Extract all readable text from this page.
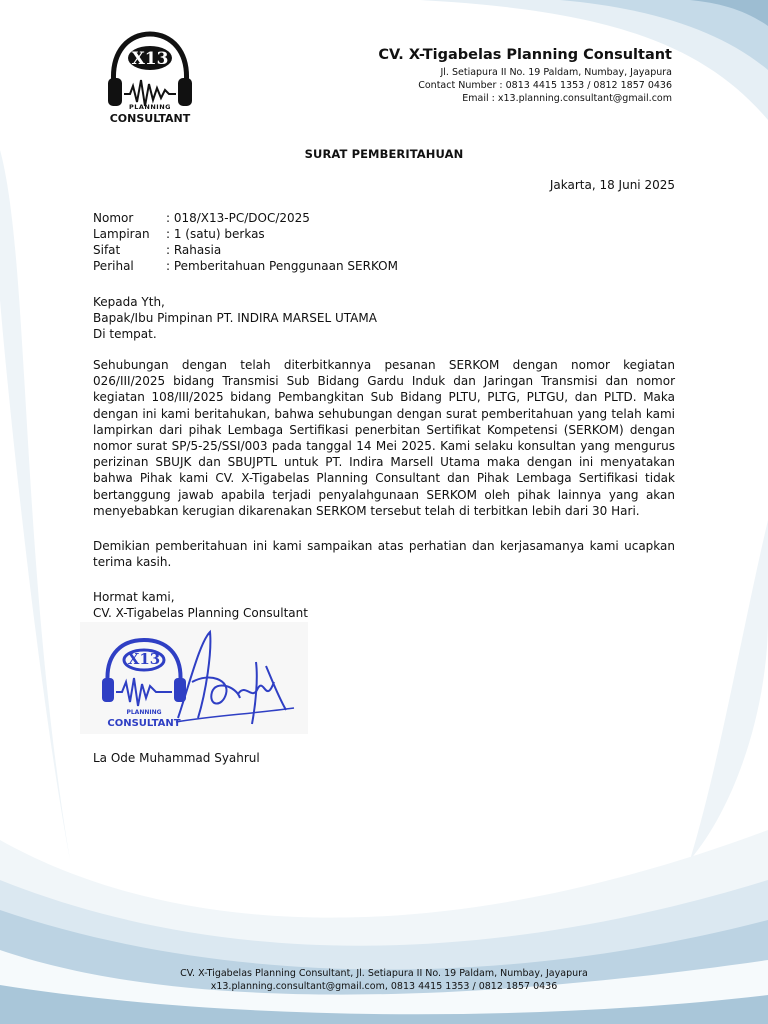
X13
PLANNING
CONSULTANT
CV. X-Tigabelas Planning Consultant
Jl. Setiapura II No. 19 Paldam, Numbay, Jayapura
Contact Number : 0813 4415 1353 / 0812 1857 0436
Email : x13.planning.consultant@gmail.com
SURAT PEMBERITAHUAN
Jakarta, 18 Juni 2025
Nomor	: 018/X13-PC/DOC/2025
Lampiran	: 1 (satu) berkas
Sifat	: Rahasia
Perihal	: Pemberitahuan Penggunaan SERKOM
Kepada Yth,
Bapak/Ibu Pimpinan PT. INDIRA MARSEL UTAMA
Di tempat.
Sehubungan dengan telah diterbitkannya pesanan SERKOM dengan nomor kegiatan 026/III/2025 bidang Transmisi Sub Bidang Gardu Induk dan Jaringan Transmisi dan nomor kegiatan 108/III/2025 bidang Pembangkitan Sub Bidang PLTU, PLTG, PLTGU, dan PLTD. Maka dengan ini kami beritahukan, bahwa sehubungan dengan surat pemberitahuan yang telah kami lampirkan dari pihak Lembaga Sertifikasi penerbitan Sertifikat Kompetensi (SERKOM) dengan nomor surat SP/5-25/SSI/003 pada tanggal 14 Mei 2025. Kami selaku konsultan yang mengurus perizinan SBUJK dan SBUJPTL untuk PT. Indira Marsell Utama maka dengan ini menyatakan bahwa Pihak kami CV. X-Tigabelas Planning Consultant dan Pihak Lembaga Sertifikasi tidak bertanggung jawab apabila terjadi penyalahgunaan SERKOM oleh pihak lainnya yang akan menyebabkan kerugian dikarenakan SERKOM tersebut telah di terbitkan lebih dari 30 Hari.
Demikian pemberitahuan ini kami sampaikan atas perhatian dan kerjasamanya kami ucapkan terima kasih.
Hormat kami,
CV. X-Tigabelas Planning Consultant
X13
PLANNING
CONSULTANT
La Ode Muhammad Syahrul
CV. X-Tigabelas Planning Consultant, Jl. Setiapura II No. 19 Paldam, Numbay, Jayapura
x13.planning.consultant@gmail.com, 0813 4415 1353 / 0812 1857 0436
